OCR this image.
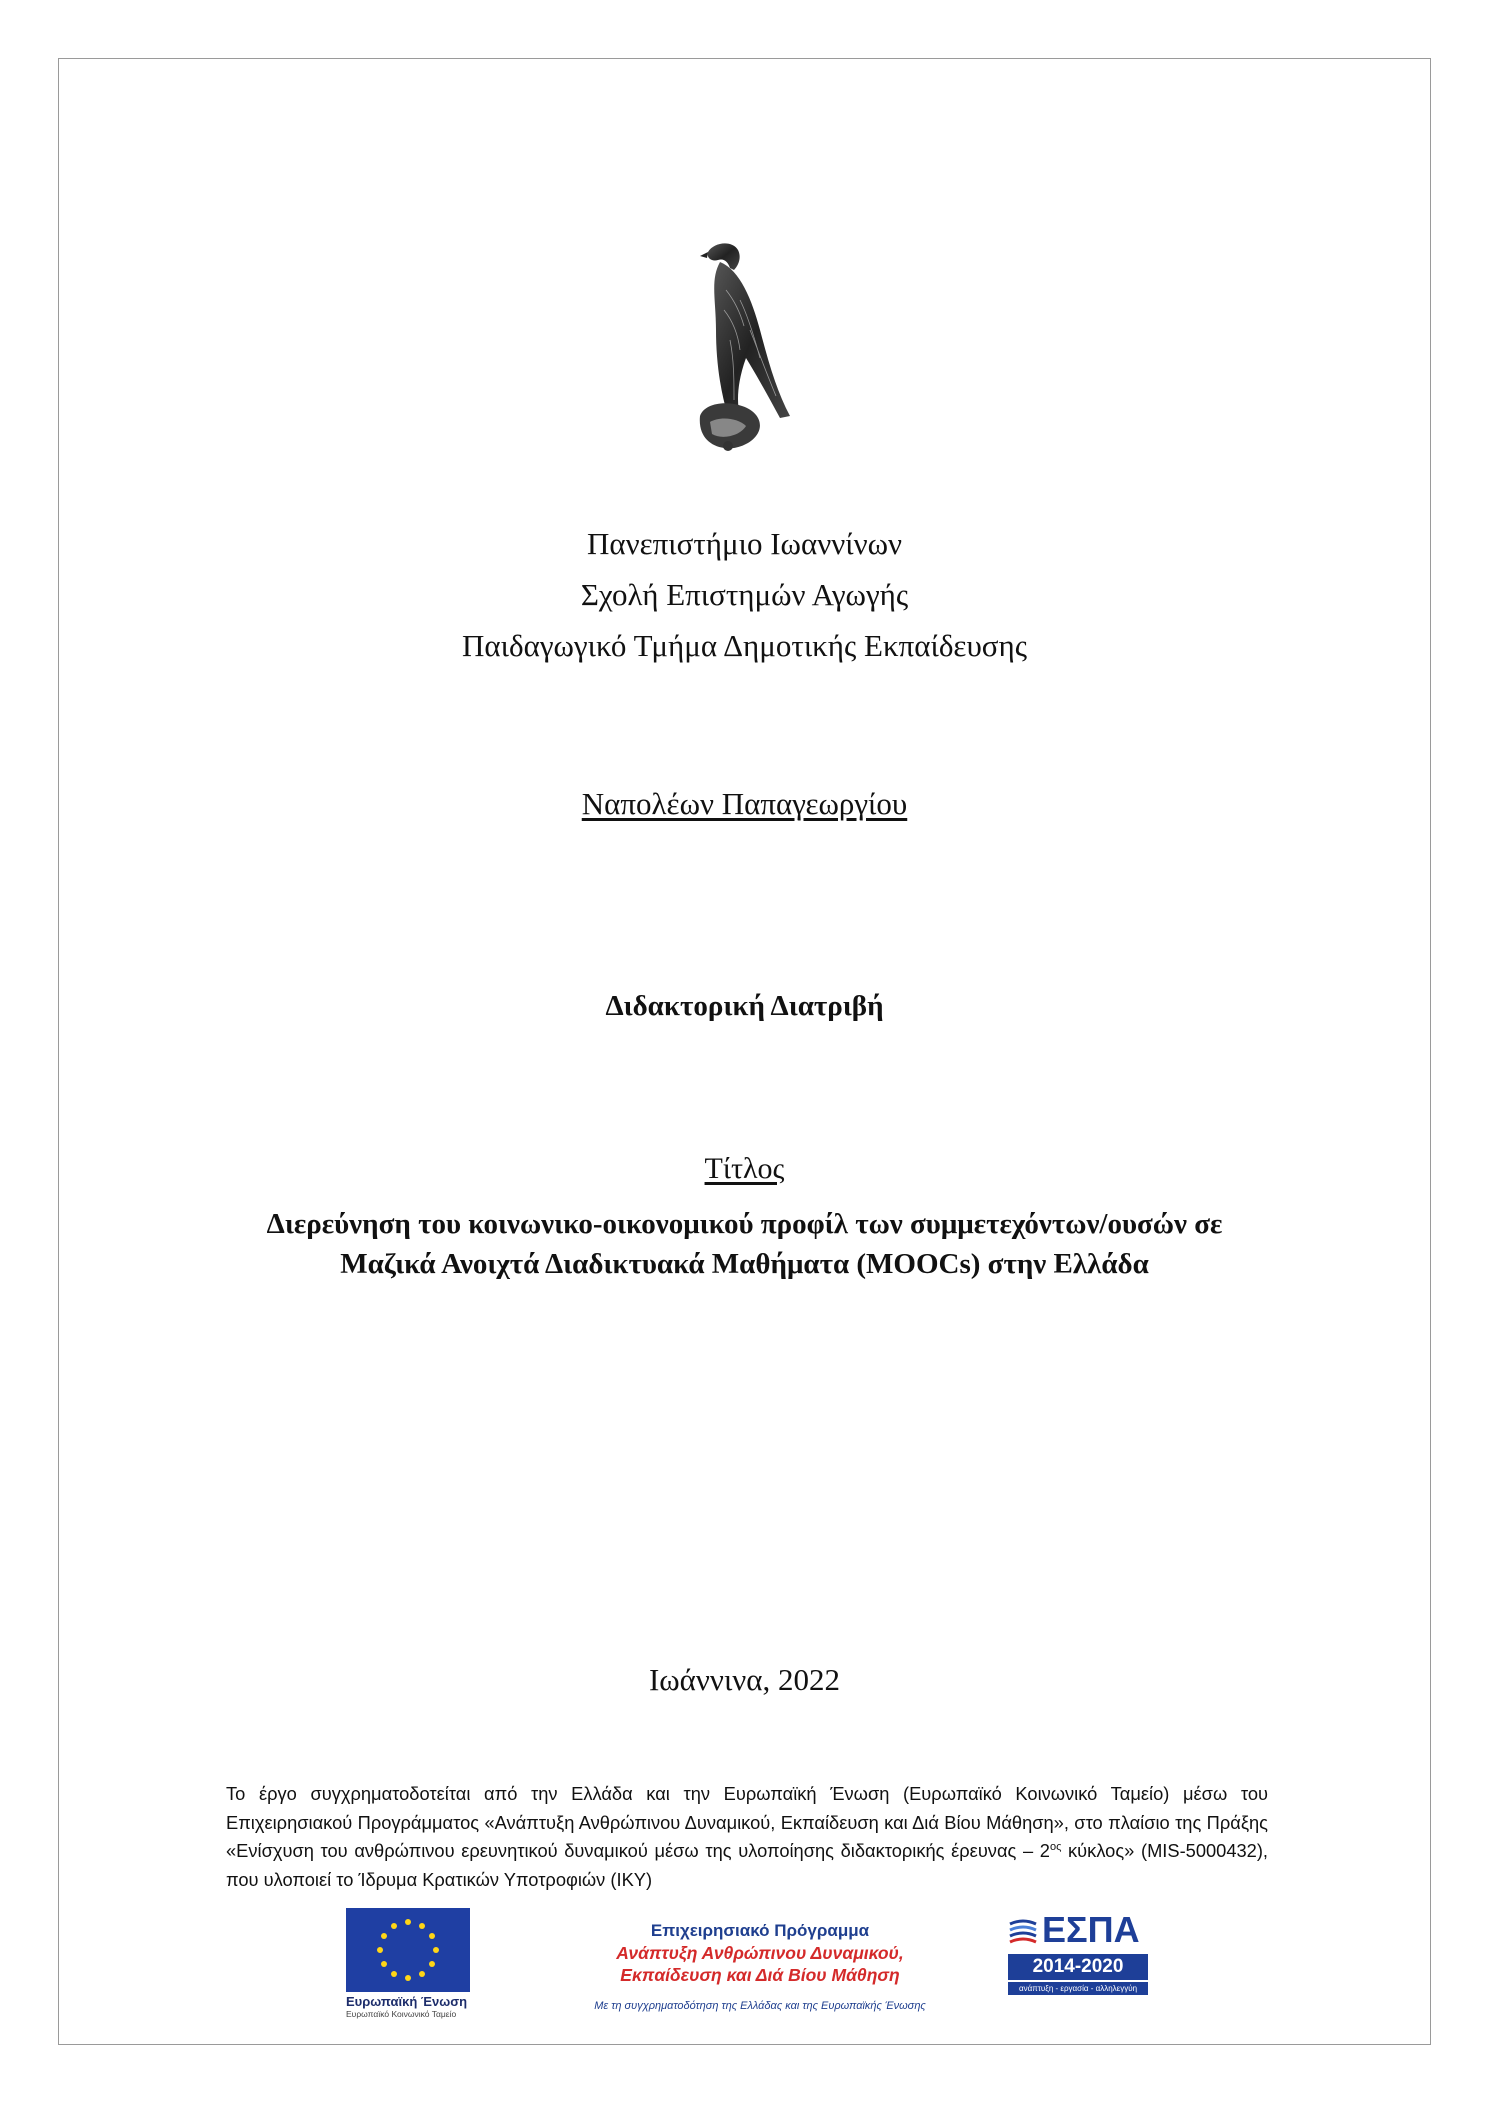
Πανεπιστήμιο Ιωαννίνων
Σχολή Επιστημών Αγωγής
Παιδαγωγικό Τμήμα Δημοτικής Εκπαίδευσης
Ναπολέων Παπαγεωργίου
Διδακτορική Διατριβή
Τίτλος
Διερεύνηση του κοινωνικο-οικονομικού προφίλ των συμμετεχόντων/ουσών σε
Μαζικά Ανοιχτά Διαδικτυακά Μαθήματα (MOOCs) στην Ελλάδα
Ιωάννινα, 2022
Το έργο συγχρηματοδοτείται από την Ελλάδα και την Ευρωπαϊκή Ένωση (Ευρωπαϊκό Κοινωνικό Ταμείο) μέσω του Επιχειρησιακού Προγράμματος «Ανάπτυξη Ανθρώπινου Δυναμικού, Εκπαίδευση και Διά Βίου Μάθηση», στο πλαίσιο της Πράξης «Ενίσχυση του ανθρώπινου ερευνητικού δυναμικού μέσω της υλοποίησης διδακτορικής έρευνας – $2^{o\varsigma}$ κύκλος» (MIS-5000432), που υλοποιεί το Ίδρυμα Κρατικών Υποτροφιών (ΙΚΥ)
Ευρωπαϊκή Ένωση
Ευρωπαϊκό Κοινωνικό Ταμείο
Επιχειρησιακό Πρόγραμμα
Ανάπτυξη Ανθρώπινου Δυναμικού,
Εκπαίδευση και Διά Βίου Μάθηση
Με τη συγχρηματοδότηση της Ελλάδας και της Ευρωπαϊκής Ένωσης
ΕΣΠΑ
2014-2020
ανάπτυξη - εργασία - αλληλεγγύη
